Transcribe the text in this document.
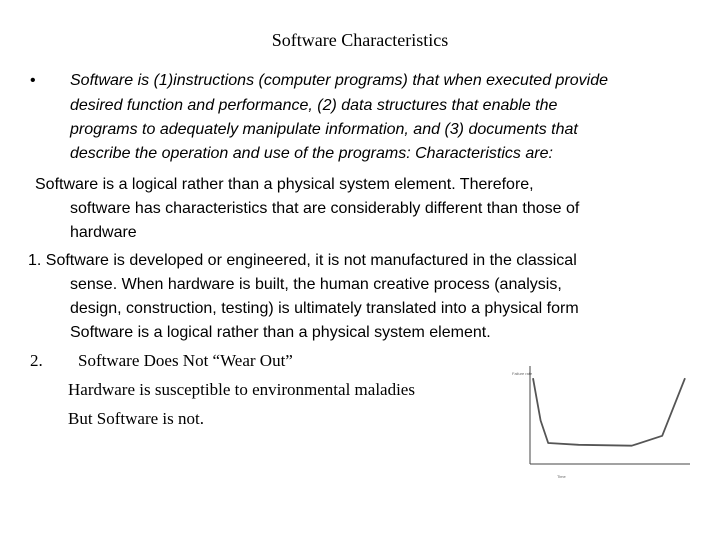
Software Characteristics
• Software is (1)instructions (computer programs) that when executed provide
desired function and performance, (2) data structures that enable the
programs to adequately manipulate information, and (3) documents that
describe the operation and use of the programs: Characteristics are:
Software is a logical rather than a physical system element. Therefore,
software has characteristics that are considerably different than those of
hardware
1. Software is developed or engineered, it is not manufactured in the classical
sense. When hardware is built, the human creative process (analysis,
design, construction, testing) is ultimately translated into a physical form
Software is a logical rather than a physical system element.
2. Software Does Not “Wear Out”
Hardware is susceptible to environmental maladies
But Software is not.
Failure rate
Time
